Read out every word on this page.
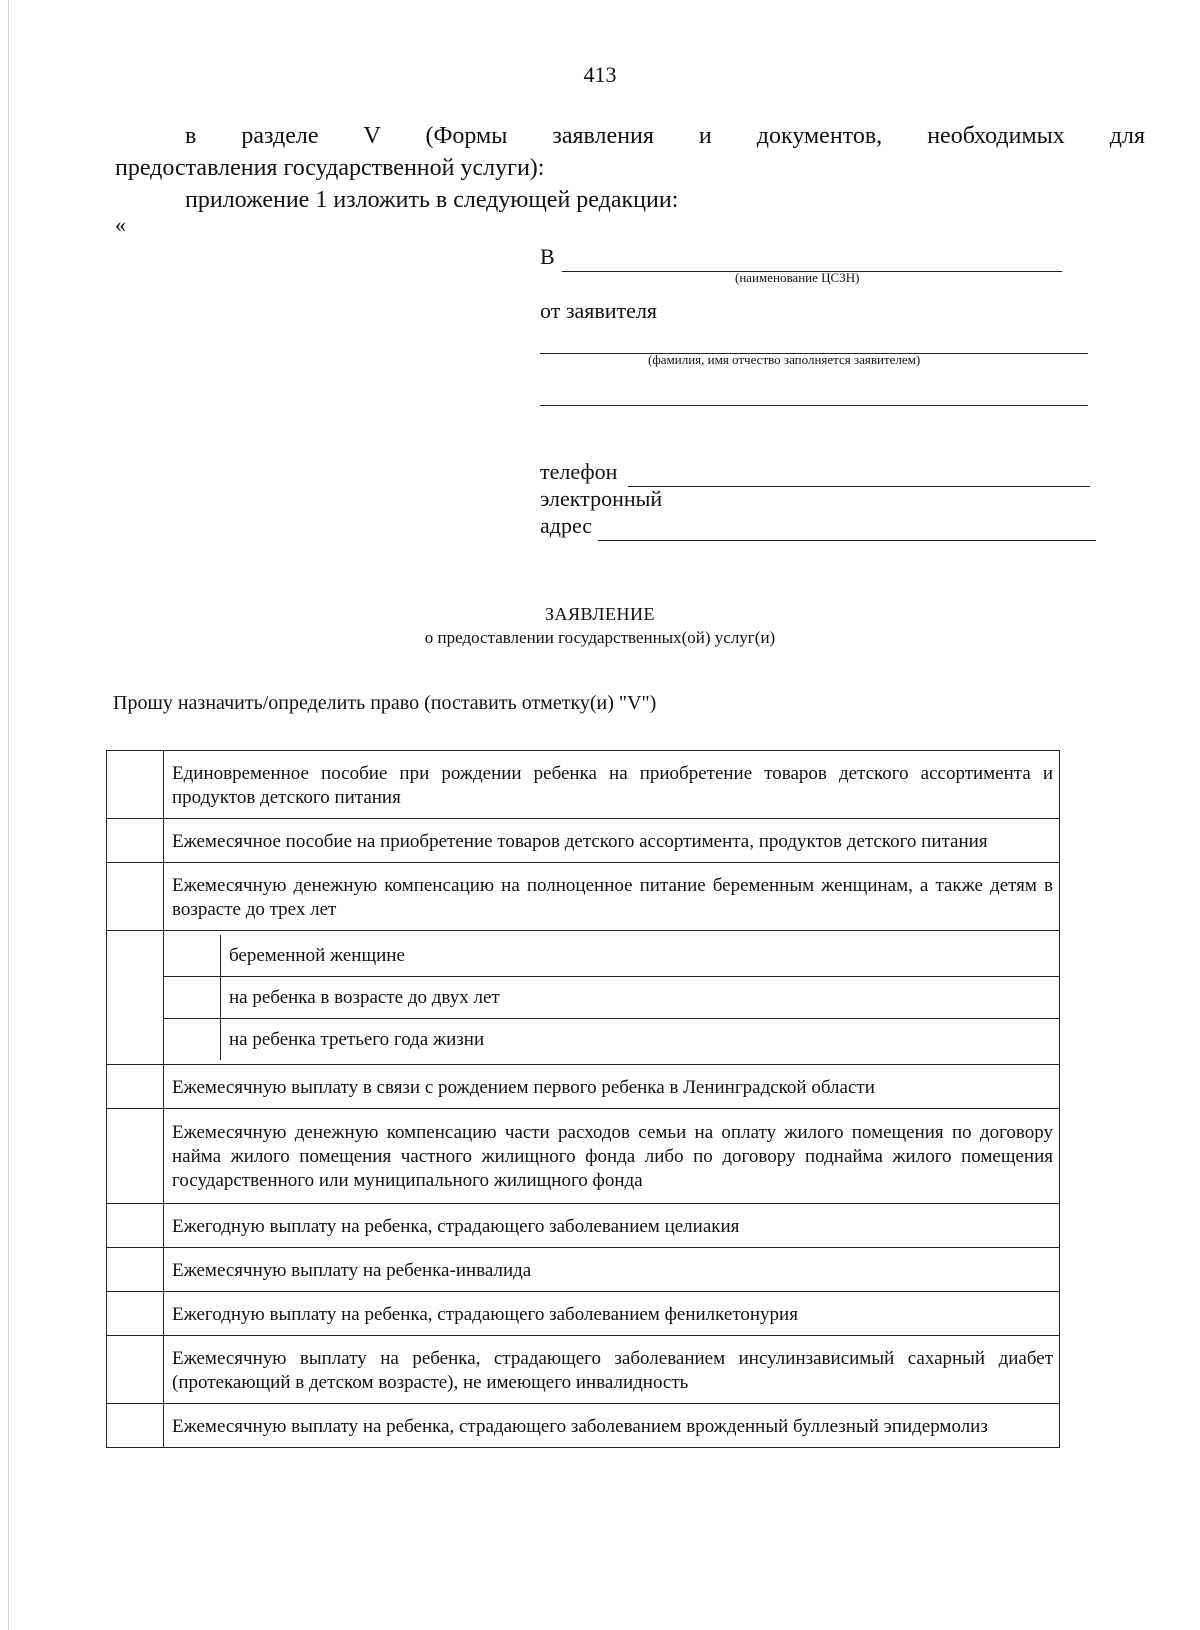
413
в разделе V (Формы заявления и документов, необходимых для
предоставления государственной услуги):
приложение 1 изложить в следующей редакции:
«
В
(наименование ЦСЗН)
от заявителя
(фамилия, имя отчество заполняется заявителем)
телефон
электронный
адрес
ЗАЯВЛЕНИЕ
о предоставлении государственных(ой) услуг(и)
Прошу назначить/определить право (поставить отметку(и) "V")
	Единовременное пособие при рождении ребенка на приобретение товаров детского ассортимента и продуктов детского питания
	Ежемесячное пособие на приобретение товаров детского ассортимента, продуктов детского питания
	Ежемесячную денежную компенсацию на полноценное питание беременным женщинам, а также детям в возрасте до трех лет

	беременной женщине
	на ребенка в возрасте до двух лет
	на ребенка третьего года жизни

	Ежемесячную выплату в связи с рождением первого ребенка в Ленинградской области
	Ежемесячную денежную компенсацию части расходов семьи на оплату жилого помещения по договору найма жилого помещения частного жилищного фонда либо по договору поднайма жилого помещения государственного или муниципального жилищного фонда
	Ежегодную выплату на ребенка, страдающего заболеванием целиакия
	Ежемесячную выплату на ребенка-инвалида
	Ежегодную выплату на ребенка, страдающего заболеванием фенилкетонурия
	Ежемесячную выплату на ребенка, страдающего заболеванием инсулинзависимый сахарный диабет (протекающий в детском возрасте), не имеющего инвалидность
	Ежемесячную выплату на ребенка, страдающего заболеванием врожденный буллезный эпидермолиз
